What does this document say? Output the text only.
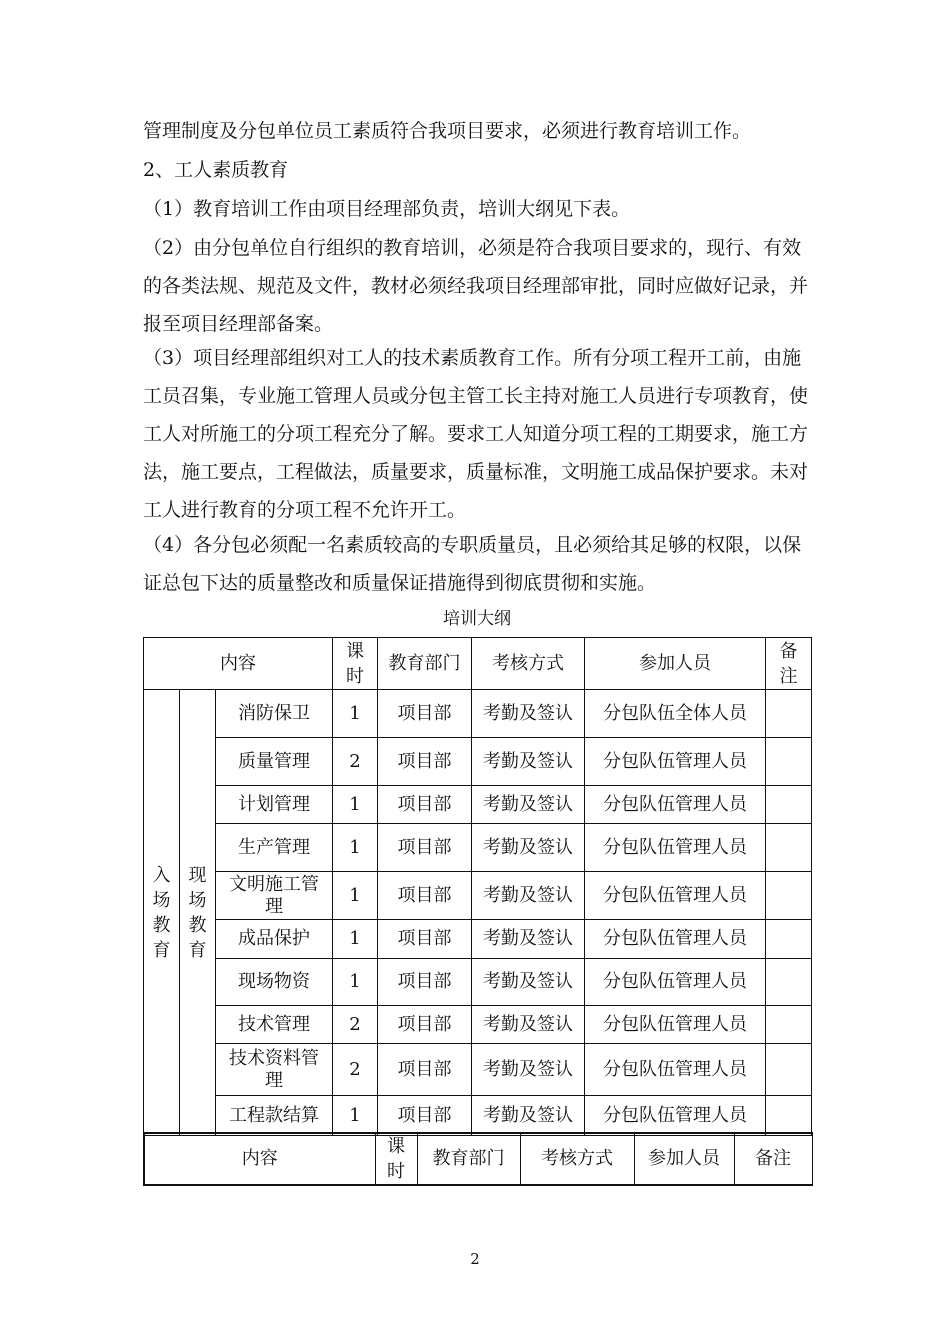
管理制度及分包单位员工素质符合我项目要求，必须进行教育培训工作。

2、工人素质教育

（1）教育培训工作由项目经理部负责，培训大纲见下表。

（2）由分包单位自行组织的教育培训，必须是符合我项目要求的，现行、有效的各类法规、规范及文件，教材必须经我项目经理部审批，同时应做好记录，并报至项目经理部备案。

（3）项目经理部组织对工人的技术素质教育工作。所有分项工程开工前，由施工员召集，专业施工管理人员或分包主管工长主持对施工人员进行专项教育，使工人对所施工的分项工程充分了解。要求工人知道分项工程的工期要求，施工方法，施工要点，工程做法，质量要求，质量标准，文明施工成品保护要求。未对工人进行教育的分项工程不允许开工。

（4）各分包必须配一名素质较高的专职质量员，且必须给其足够的权限，以保证总包下达的质量整改和质量保证措施得到彻底贯彻和实施。

培训大纲
内容			课时	教育部门	考核方式	参加人员	备注
入场教育	现场教育	消防保卫	1	项目部	考勤及签认	分包队伍全体人员	
		质量管理	2	项目部	考勤及签认	分包队伍管理人员	
		计划管理	1	项目部	考勤及签认	分包队伍管理人员	
		生产管理	1	项目部	考勤及签认	分包队伍管理人员	
		文明施工管理	1	项目部	考勤及签认	分包队伍管理人员	
		成品保护	1	项目部	考勤及签认	分包队伍管理人员	
		现场物资	1	项目部	考勤及签认	分包队伍管理人员	
		技术管理	2	项目部	考勤及签认	分包队伍管理人员	
		技术资料管理	2	项目部	考勤及签认	分包队伍管理人员	
		工程款结算	1	项目部	考勤及签认	分包队伍管理人员	
内容	课时	教育部门	考核方式	参加人员	备注
2
